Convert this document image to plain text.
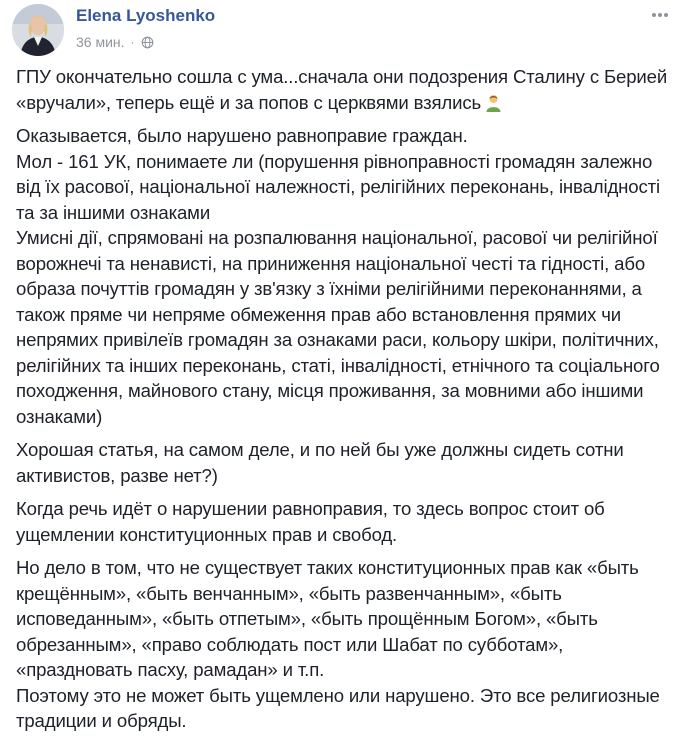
Elena Lyoshenko
36 мин. ·

ГПУ окончательно сошла с ума...сначала они подозрения Сталину с Берией «вручали», теперь ещё и за попов с церквями взялись

Оказывается, было нарушено равноправие граждан.

Мол - 161 УК, понимаете ли (порушення рівноправності громадян залежно від їх расової, національної належності, релігійних переконань, інвалідності та за іншими ознаками

Умисні дії, спрямовані на розпалювання національної, расової чи релігійної ворожнечі та ненависті, на приниження національної честі та гідності, або образа почуттів громадян у зв'язку з їхніми релігійними переконаннями, а також пряме чи непряме обмеження прав або встановлення прямих чи непрямих привілеїв громадян за ознаками раси, кольору шкіри, політичних, релігійних та інших переконань, статі, інвалідності, етнічного та соціального походження, майнового стану, місця проживання, за мовними або іншими ознаками)

Хорошая статья, на самом деле, и по ней бы уже должны сидеть сотни активистов, разве нет?)

Когда речь идёт о нарушении равноправия, то здесь вопрос стоит об ущемлении конституционных прав и свобод.

Но дело в том, что не существует таких конституционных прав как «быть крещённым», «быть венчанным», «быть развенчанным», «быть исповеданным», «быть отпетым», «быть прощённым Богом», «быть обрезанным», «право соблюдать пост или Шабат по субботам», «праздновать пасху, рамадан» и т.п.

Поэтому это не может быть ущемлено или нарушено. Это все религиозные традиции и обряды.
